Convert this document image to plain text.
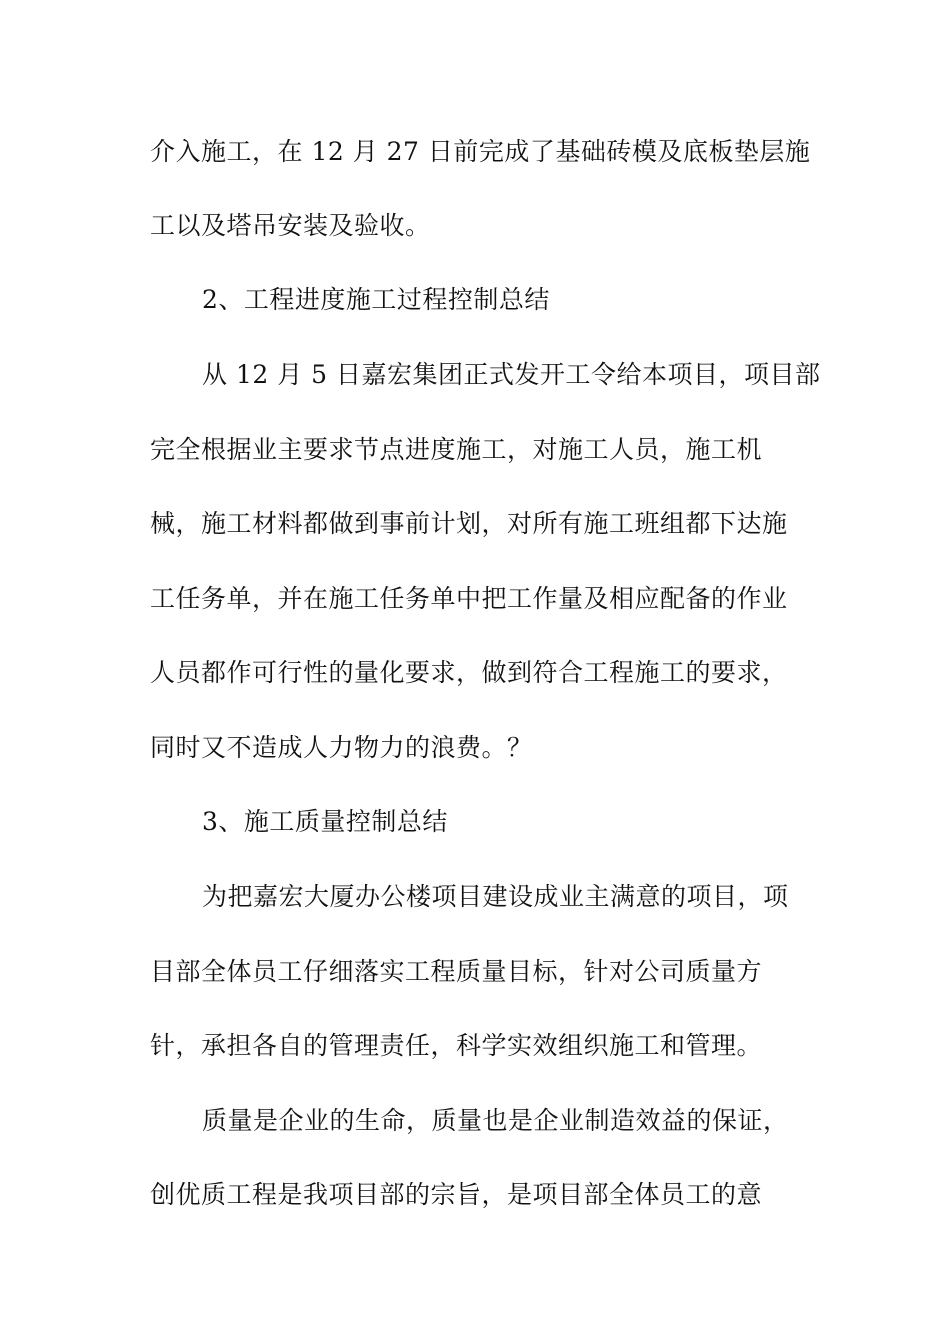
介入施工，在 12 月 27 日前完成了基础砖模及底板垫层施
工以及塔吊安装及验收。
2、工程进度施工过程控制总结
从 12 月 5 日嘉宏集团正式发开工令给本项目，项目部
完全根据业主要求节点进度施工，对施工人员，施工机
械，施工材料都做到事前计划，对所有施工班组都下达施
工任务单，并在施工任务单中把工作量及相应配备的作业
人员都作可行性的量化要求，做到符合工程施工的要求，
同时又不造成人力物力的浪费。？
3、施工质量控制总结
为把嘉宏大厦办公楼项目建设成业主满意的项目，项
目部全体员工仔细落实工程质量目标，针对公司质量方
针，承担各自的管理责任，科学实效组织施工和管理。
质量是企业的生命，质量也是企业制造效益的保证，
创优质工程是我项目部的宗旨，是项目部全体员工的意
